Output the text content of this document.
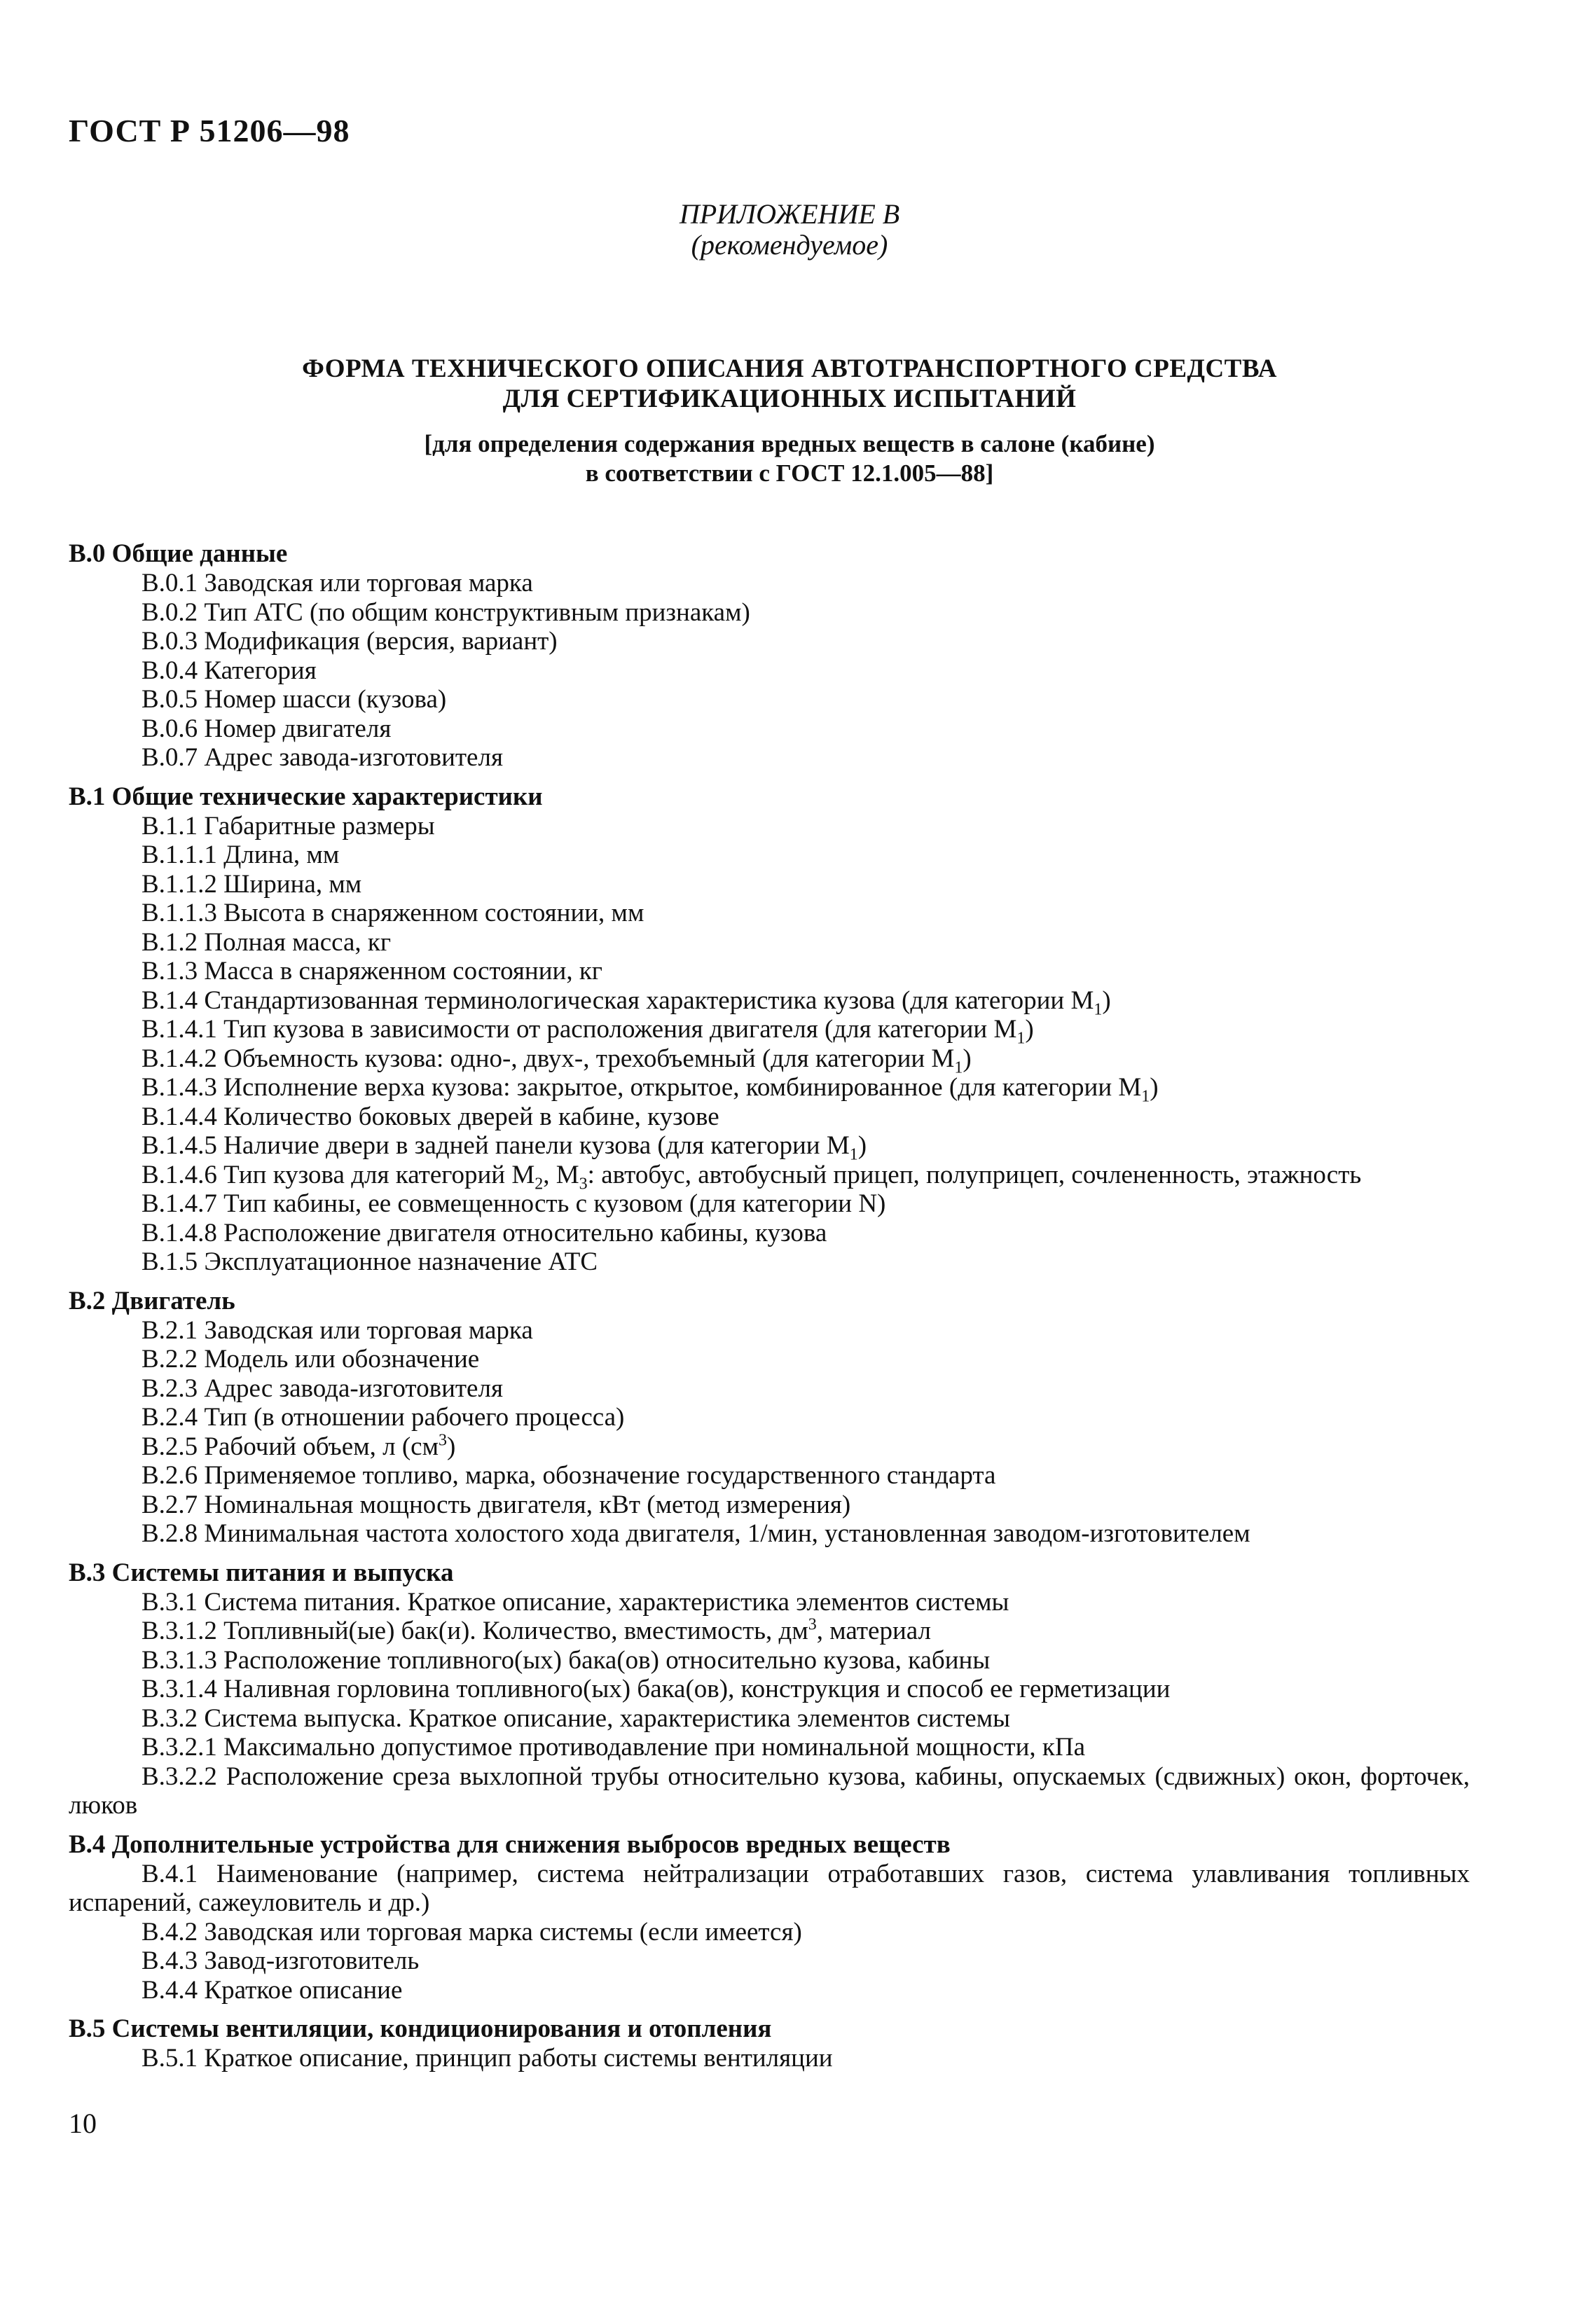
ГОСТ Р 51206—98
ПРИЛОЖЕНИЕ В
(рекомендуемое)
ФОРМА ТЕХНИЧЕСКОГО ОПИСАНИЯ АВТОТРАНСПОРТНОГО СРЕДСТВА
ДЛЯ СЕРТИФИКАЦИОННЫХ ИСПЫТАНИЙ
[для определения содержания вредных веществ в салоне (кабине)
в соответствии с ГОСТ 12.1.005—88]
В.0 Общие данные
В.0.1 Заводская или торговая марка
В.0.2 Тип АТС (по общим конструктивным признакам)
В.0.3 Модификация (версия, вариант)
В.0.4 Категория
В.0.5 Номер шасси (кузова)
В.0.6 Номер двигателя
В.0.7 Адрес завода-изготовителя
В.1 Общие технические характеристики
В.1.1 Габаритные размеры
В.1.1.1 Длина, мм
В.1.1.2 Ширина, мм
В.1.1.3 Высота в снаряженном состоянии, мм
В.1.2 Полная масса, кг
В.1.3 Масса в снаряженном состоянии, кг
В.1.4 Стандартизованная терминологическая характеристика кузова (для категории $M_1$)
В.1.4.1 Тип кузова в зависимости от расположения двигателя (для категории $M_1$)
В.1.4.2 Объемность кузова: одно-, двух-, трехобъемный (для категории $M_1$)
В.1.4.3 Исполнение верха кузова: закрытое, открытое, комбинированное (для категории $M_1$)
В.1.4.4 Количество боковых дверей в кабине, кузове
В.1.4.5 Наличие двери в задней панели кузова (для категории $M_1$)
В.1.4.6 Тип кузова для категорий $M_2$, $M_3$: автобус, автобусный прицеп, полуприцеп, сочлененность, этажность
В.1.4.7 Тип кабины, ее совмещенность с кузовом (для категории N)
В.1.4.8 Расположение двигателя относительно кабины, кузова
В.1.5 Эксплуатационное назначение АТС
В.2 Двигатель
В.2.1 Заводская или торговая марка
В.2.2 Модель или обозначение
В.2.3 Адрес завода-изготовителя
В.2.4 Тип (в отношении рабочего процесса)
В.2.5 Рабочий объем, л $(см^3)$
В.2.6 Применяемое топливо, марка, обозначение государственного стандарта
В.2.7 Номинальная мощность двигателя, кВт (метод измерения)
В.2.8 Минимальная частота холостого хода двигателя, 1/мин, установленная заводом-изготовителем
В.3 Системы питания и выпуска
В.3.1 Система питания. Краткое описание, характеристика элементов системы
В.3.1.2 Топливный(ые) бак(и). Количество, вместимость, $дм^3$, материал
В.3.1.3 Расположение топливного(ых) бака(ов) относительно кузова, кабины
В.3.1.4 Наливная горловина топливного(ых) бака(ов), конструкция и способ ее герметизации
В.3.2 Система выпуска. Краткое описание, характеристика элементов системы
В.3.2.1 Максимально допустимое противодавление при номинальной мощности, кПа
В.3.2.2 Расположение среза выхлопной трубы относительно кузова, кабины, опускаемых (сдвижных) окон, форточек, люков
В.4 Дополнительные устройства для снижения выбросов вредных веществ
В.4.1 Наименование (например, система нейтрализации отработавших газов, система улавливания топливных испарений, сажеуловитель и др.)
В.4.2 Заводская или торговая марка системы (если имеется)
В.4.3 Завод-изготовитель
В.4.4 Краткое описание
В.5 Системы вентиляции, кондиционирования и отопления
В.5.1 Краткое описание, принцип работы системы вентиляции
10
